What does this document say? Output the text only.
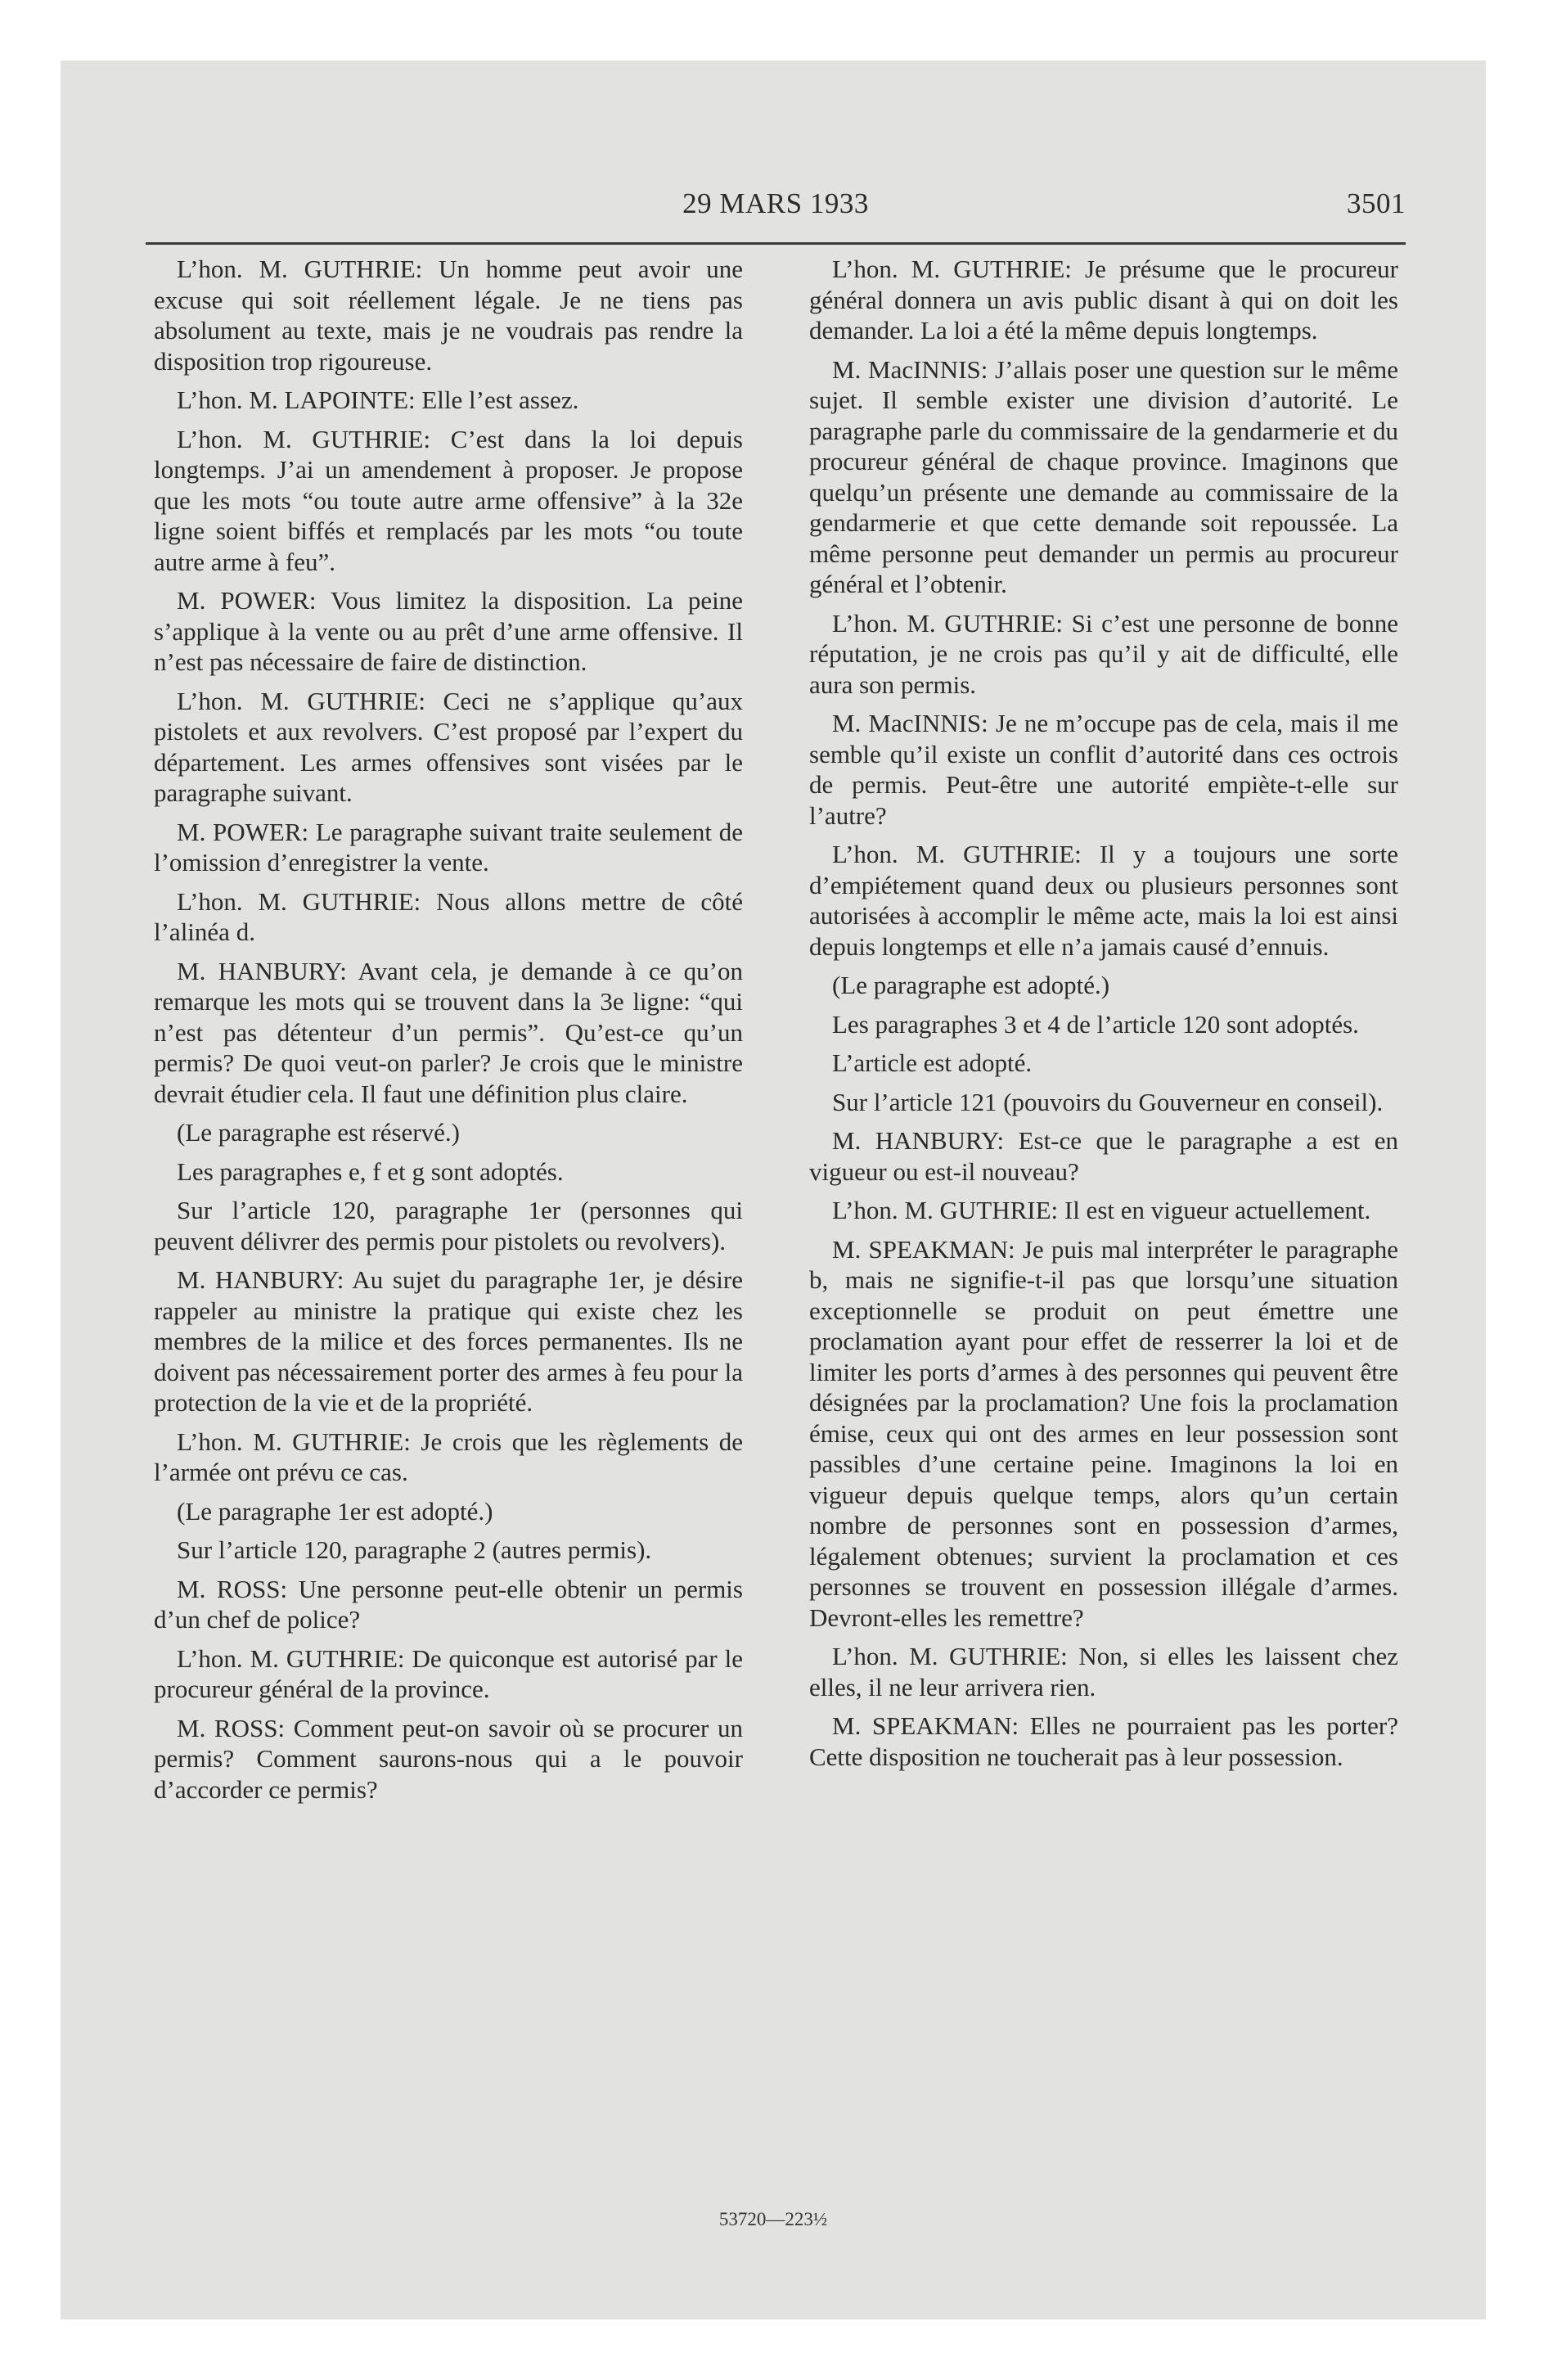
29 MARS 1933	3501

L’hon. M. GUTHRIE: Un homme peut avoir une excuse qui soit réellement légale. Je ne tiens pas absolument au texte, mais je ne voudrais pas rendre la disposition trop rigoureuse.

L’hon. M. LAPOINTE: Elle l’est assez.

L’hon. M. GUTHRIE: C’est dans la loi depuis longtemps. J’ai un amendement à proposer. Je propose que les mots “ou toute autre arme offensive” à la 32e ligne soient biffés et remplacés par les mots “ou toute autre arme à feu”.

M. POWER: Vous limitez la disposition. La peine s’applique à la vente ou au prêt d’une arme offensive. Il n’est pas nécessaire de faire de distinction.

L’hon. M. GUTHRIE: Ceci ne s’applique qu’aux pistolets et aux revolvers. C’est proposé par l’expert du département. Les armes offensives sont visées par le paragraphe suivant.

M. POWER: Le paragraphe suivant traite seulement de l’omission d’enregistrer la vente.

L’hon. M. GUTHRIE: Nous allons mettre de côté l’alinéa d.

M. HANBURY: Avant cela, je demande à ce qu’on remarque les mots qui se trouvent dans la 3e ligne: “qui n’est pas détenteur d’un permis”. Qu’est-ce qu’un permis? De quoi veut-on parler? Je crois que le ministre devrait étudier cela. Il faut une définition plus claire.

(Le paragraphe est réservé.)

Les paragraphes e, f et g sont adoptés.

Sur l’article 120, paragraphe 1er (personnes qui peuvent délivrer des permis pour pistolets ou revolvers).

M. HANBURY: Au sujet du paragraphe 1er, je désire rappeler au ministre la pratique qui existe chez les membres de la milice et des forces permanentes. Ils ne doivent pas nécessairement porter des armes à feu pour la protection de la vie et de la propriété.

L’hon. M. GUTHRIE: Je crois que les règlements de l’armée ont prévu ce cas.

(Le paragraphe 1er est adopté.)

Sur l’article 120, paragraphe 2 (autres permis).

M. ROSS: Une personne peut-elle obtenir un permis d’un chef de police?

L’hon. M. GUTHRIE: De quiconque est autorisé par le procureur général de la province.

M. ROSS: Comment peut-on savoir où se procurer un permis? Comment saurons-nous qui a le pouvoir d’accorder ce permis?

L’hon. M. GUTHRIE: Je présume que le procureur général donnera un avis public disant à qui on doit les demander. La loi a été la même depuis longtemps.

M. MacINNIS: J’allais poser une question sur le même sujet. Il semble exister une division d’autorité. Le paragraphe parle du commissaire de la gendarmerie et du procureur général de chaque province. Imaginons que quelqu’un présente une demande au commissaire de la gendarmerie et que cette demande soit repoussée. La même personne peut demander un permis au procureur général et l’obtenir.

L’hon. M. GUTHRIE: Si c’est une personne de bonne réputation, je ne crois pas qu’il y ait de difficulté, elle aura son permis.

M. MacINNIS: Je ne m’occupe pas de cela, mais il me semble qu’il existe un conflit d’autorité dans ces octrois de permis. Peut-être une autorité empiète-t-elle sur l’autre?

L’hon. M. GUTHRIE: Il y a toujours une sorte d’empiétement quand deux ou plusieurs personnes sont autorisées à accomplir le même acte, mais la loi est ainsi depuis longtemps et elle n’a jamais causé d’ennuis.

(Le paragraphe est adopté.)

Les paragraphes 3 et 4 de l’article 120 sont adoptés.

L’article est adopté.

Sur l’article 121 (pouvoirs du Gouverneur en conseil).

M. HANBURY: Est-ce que le paragraphe a est en vigueur ou est-il nouveau?

L’hon. M. GUTHRIE: Il est en vigueur actuellement.

M. SPEAKMAN: Je puis mal interpréter le paragraphe b, mais ne signifie-t-il pas que lorsqu’une situation exceptionnelle se produit on peut émettre une proclamation ayant pour effet de resserrer la loi et de limiter les ports d’armes à des personnes qui peuvent être désignées par la proclamation? Une fois la proclamation émise, ceux qui ont des armes en leur possession sont passibles d’une certaine peine. Imaginons la loi en vigueur depuis quelque temps, alors qu’un certain nombre de personnes sont en possession d’armes, légalement obtenues; survient la proclamation et ces personnes se trouvent en possession illégale d’armes. Devront-elles les remettre?

L’hon. M. GUTHRIE: Non, si elles les laissent chez elles, il ne leur arrivera rien.

M. SPEAKMAN: Elles ne pourraient pas les porter? Cette disposition ne toucherait pas à leur possession.

53720—223½
